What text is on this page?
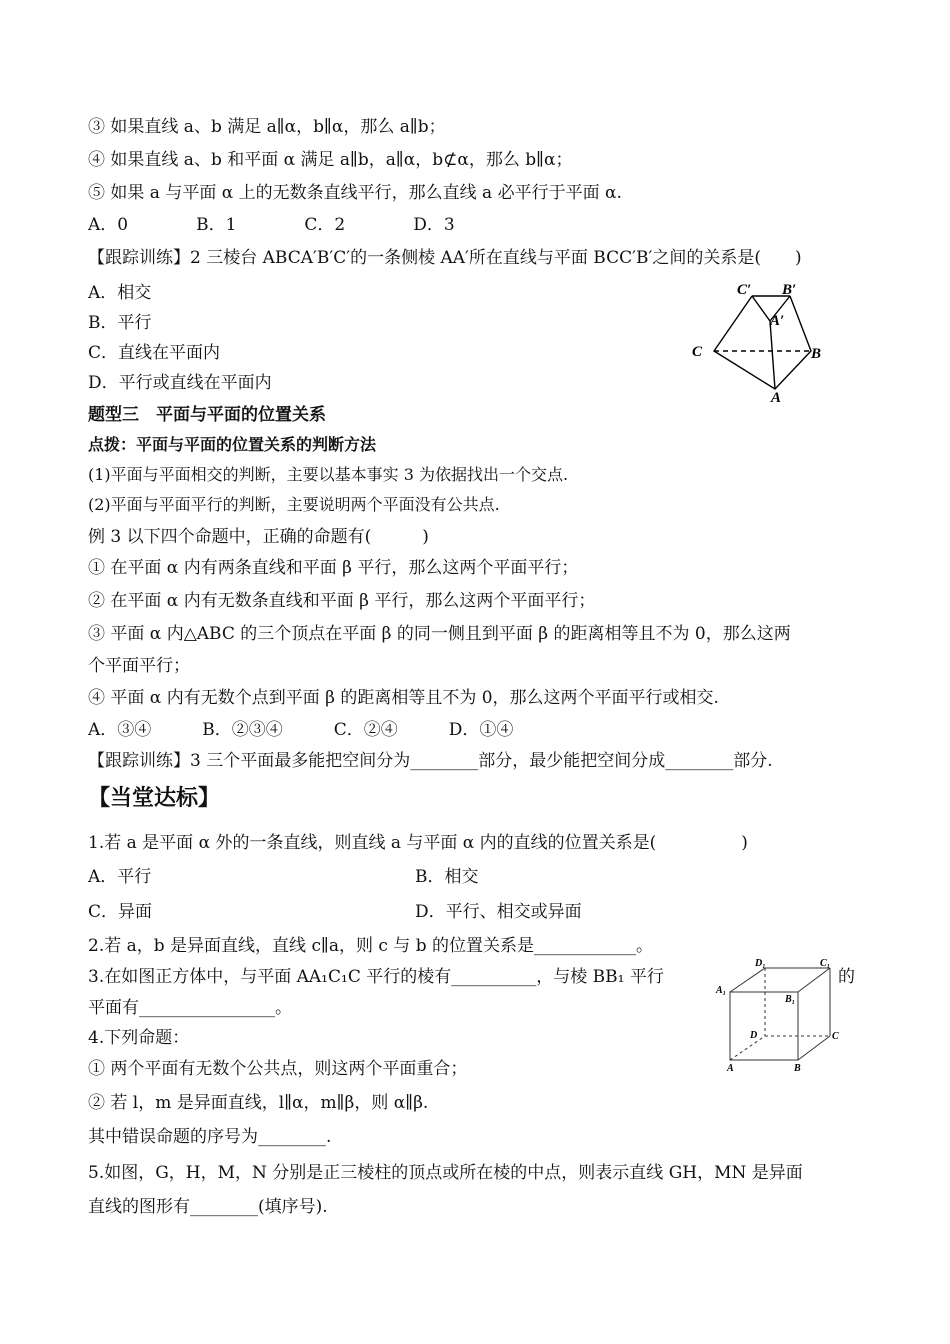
③ 如果直线 a、b 满足 a∥α，b∥α，那么 a∥b；
④ 如果直线 a、b 和平面 α 满足 a∥b，a∥α，b⊄α，那么 b∥α；
⑤ 如果 a 与平面 α 上的无数条直线平行，那么直线 a 必平行于平面 α.
A．0　　　　B．1　　　　C．2　　　　D．3
【跟踪训练】2 三棱台 ABCA′B′C′的一条侧棱 AA′所在直线与平面 BCC′B′之间的关系是(　　)
A．相交
B．平行
C．直线在平面内
D．平行或直线在平面内
C′ B′
A′
C	B
A
题型三　平面与平面的位置关系
点拨：平面与平面的位置关系的判断方法
(1)平面与平面相交的判断，主要以基本事实 3 为依据找出一个交点.
(2)平面与平面平行的判断，主要说明两个平面没有公共点.
例 3 以下四个命题中，正确的命题有(　　　)
① 在平面 α 内有两条直线和平面 β 平行，那么这两个平面平行；
② 在平面 α 内有无数条直线和平面 β 平行，那么这两个平面平行；
③ 平面 α 内△ABC 的三个顶点在平面 β 的同一侧且到平面 β 的距离相等且不为 0，那么这两
个平面平行；
④ 平面 α 内有无数个点到平面 β 的距离相等且不为 0，那么这两个平面平行或相交.
A．③④　　　B．②③④　　　C．②④　　　D．①④
【跟踪训练】3 三个平面最多能把空间分为________部分，最少能把空间分成________部分.
【当堂达标】
1.若 a 是平面 α 外的一条直线，则直线 a 与平面 α 内的直线的位置关系是(　　　　　)
A．平行	B．相交
C．异面	D．平行、相交或异面
2.若 a，b 是异面直线，直线 c∥a，则 c 与 b 的位置关系是____________。
3.在如图正方体中，与平面 AA₁C₁C 平行的棱有__________，与棱 BB₁ 平行	的
平面有________________。
D₁	C₁
A₁
B₁
D	C
A	B
4.下列命题：
① 两个平面有无数个公共点，则这两个平面重合；
② 若 l，m 是异面直线，l∥α，m∥β，则 α∥β.
其中错误命题的序号为________.
5.如图，G，H，M，N 分别是正三棱柱的顶点或所在棱的中点，则表示直线 GH，MN 是异面
直线的图形有________(填序号).
